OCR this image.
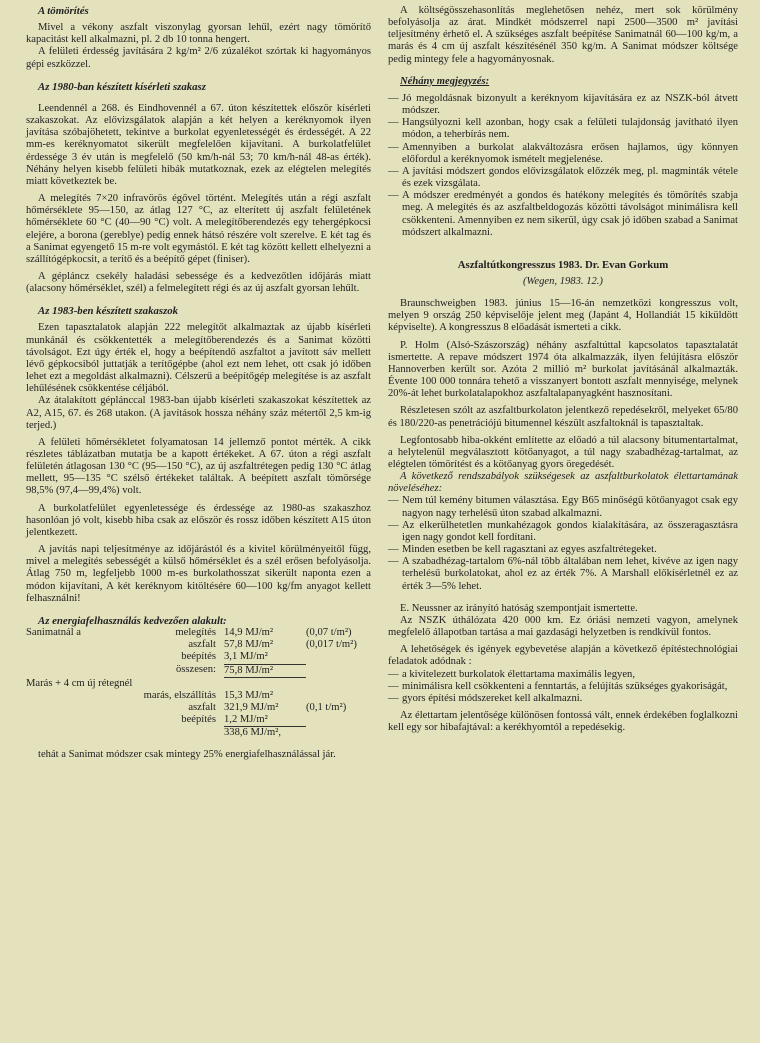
A tömörítés

Mivel a vékony aszfalt viszonylag gyorsan lehűl, ezért nagy tömörítő kapacitást kell alkalmazni, pl. 2 db 10 tonna hengert.

A felületi érdesség javítására 2 kg/m² 2/6 zúzalékot szórtak ki hagyományos gépi eszközzel.

Az 1980-ban készített kísérleti szakasz

Leendennél a 268. és Eindhovennél a 67. úton készítettek először kísérleti szakaszokat. Az elővizsgálatok alapján a két helyen a keréknyomok ilyen javítása szóbajöhetett, tekintve a burkolat egyenletességét és érdességét. A 22 mm-es keréknyomatot sikerült megfelelően kijavítani. A burkolatfelület érdessége 3 év után is megfelelő (50 km/h-nál 53; 70 km/h-nál 48-as érték). Néhány helyen kisebb felületi hibák mutatkoznak, ezek az elégtelen melegítés miatt következtek be.

A melegítés 7×20 infravörös égővel történt. Melegítés után a régi aszfalt hőmérséklete 95—150, az átlag 127 °C, az elterített új aszfalt felületének hőmérséklete 60 °C (40—90 °C) volt. A melegítőberendezés egy tehergépkocsi elejére, a borona (gereblye) pedig ennek hátsó részére volt szerelve. E két tag és a Sanimat egyengető 15 m-re volt egymástól. E két tag között kellett elhelyezni a szállítógépkocsit, a terítő és a beépítő gépet (finiser).

A gépláncz csekély haladási sebessége és a kedvezőtlen időjárás miatt (alacsony hőmérséklet, szél) a felmelegített régi és az új aszfalt gyorsan lehűlt.

Az 1983-ben készített szakaszok

Ezen tapasztalatok alapján 222 melegítőt alkalmaztak az újabb kísérleti munkánál és csökkentették a melegítőberendezés és a Sanimat közötti távolságot. Ezt úgy érték el, hogy a beépítendő aszfaltot a javított sáv mellett lévő gépkocsiból juttatják a terítőgépbe (ahol ezt nem lehet, ott csak jó időben lehet ezt a megoldást alkalmazni). Célszerű a beépítőgép melegítése is az aszfalt lehűlésének csökkentése céljából.

Az átalakított géplánccal 1983-ban újabb kísérleti szakaszokat készítettek az A2, A15, 67. és 268 utakon. (A javítások hossza néhány száz métertől 2,5 km-ig terjed.)

A felületi hőmérsékletet folyamatosan 14 jellemző pontot mérték. A cikk részletes táblázatban mutatja be a kapott értékeket. A 67. úton a régi aszfalt felületén átlagosan 130 °C (95—150 °C), az új aszfaltrétegen pedig 130 °C átlag mellett, 95—135 °C szélső értékeket találtak. A beépített aszfalt tömörsége 98,5% (97,4—99,4%) volt.

A burkolatfelület egyenletessége és érdessége az 1980-as szakaszhoz hasonlóan jó volt, kisebb hiba csak az először és rossz időben készített A15 úton jelentkezett.

A javítás napi teljesítménye az időjárástól és a kivitel körülményeitől függ, mivel a melegítés sebességét a külső hőmérséklet és a szél erősen befolyásolja. Átlag 750 m, legfeljebb 1000 m-es burkolathosszat sikerült naponta ezen a módon kijavítani, A két keréknyom kitöltésére 60—100 kg/fm anyagot kellett felhasználni!

Az energiafelhasználás kedvezően alakult:
Sanimatnál a	melegítés	14,9 MJ/m²	(0,07 t/m²)
	aszfalt	57,8 MJ/m²	(0,017 t/m²)
	beépítés	3,1 MJ/m²	
	összesen:	75,8 MJ/m²	
Marás + 4 cm új rétegnél			
	marás, elszállítás	15,3 MJ/m²	
	aszfalt	321,9 MJ/m²	(0,1 t/m²)
	beépítés	1,2 MJ/m²	
		338,6 MJ/m²,	

tehát a Sanimat módszer csak mintegy 25% energiafelhasználással jár.

A költségösszehasonlítás meglehetősen nehéz, mert sok körülmény befolyásolja az árat. Mindkét módszerrel napi 2500—3500 m² javítási teljesítmény érhető el. A szükséges aszfalt beépítése Sanimatnál 60—100 kg/m, a marás és 4 cm új aszfalt készítésénél 350 kg/m. A Sanimat módszer költsége pedig mintegy fele a hagyományosnak.

Néhány megjegyzés:
— Jó megoldásnak bizonyult a keréknyom kijavítására ez az NSZK-ból átvett módszer.
— Hangsúlyozni kell azonban, hogy csak a felületi tulajdonság javítható ilyen módon, a teherbírás nem.
— Amennyiben a burkolat alakváltozásra erősen hajlamos, úgy könnyen előfordul a keréknyomok ismételt megjelenése.
— A javítási módszert gondos elővizsgálatok előzzék meg, pl. magminták vétele és ezek vizsgálata.
— A módszer eredményét a gondos és hatékony melegítés és tömörítés szabja meg. A melegítés és az aszfaltbeldogozás közötti távolságot minimálisra kell csökkenteni. Amennyiben ez nem sikerül, úgy csak jó időben szabad a Sanimat módszert alkalmazni.
Aszfaltútkongresszus 1983. Dr. Evan Gorkum
(Wegen, 1983. 12.)

Braunschweigben 1983. június 15—16-án nemzetközi kongresszus volt, melyen 9 ország 250 képviselője jelent meg (Japánt 4, Hollandiát 15 kiküldött képviselte). A kongresszus 8 előadását ismerteti a cikk.

P. Holm (Alsó-Szászország) néhány aszfaltúttal kapcsolatos tapasztalatát ismertette. A repave módszert 1974 óta alkalmazzák, ilyen felújításra először Hannoverben került sor. Azóta 2 millió m² burkolat javításánál alkalmazták. Évente 100 000 tonnára tehető a visszanyert bontott aszfalt mennyisége, melynek 20%-át lehet burkolatalapokhoz aszfaltalapanyagként hasznosítani.

Részletesen szólt az aszfaltburkolaton jelentkező repedésekről, melyeket 65/80 és 180/220-as penetrációjú bitumennel készült aszfaltoknál is tapasztaltak.

Legfontosabb hiba-okként említette az előadó a túl alacsony bitumentartalmat, a helytelenül megválasztott kötőanyagot, a túl nagy szabadhézag-tartalmat, az elégtelen tömörítést és a kötőanyag gyors öregedését.

A következő rendszabályok szükségesek az aszfaltburkolatok élettartamának növeléséhez:

— Nem túl kemény bitumen választása. Egy B65 minőségű kötőanyagot csak egy nagyon nagy terhelésű úton szabad alkalmazni.
— Az elkerülhetetlen munkahézagok gondos kialakítására, az összeragasztásra igen nagy gondot kell fordítani.
— Minden esetben be kell ragasztani az egyes aszfaltrétegeket.
— A szabadhézag-tartalom 6%-nál több általában nem lehet, kivéve az igen nagy terhelésű burkolatokat, ahol ez az érték 7%. A Marshall előkísérletnél ez az érték 3—5% lehet.

E. Neussner az irányító hatóság szempontjait ismertette.

Az NSZK úthálózata 420 000 km. Ez óriási nemzeti vagyon, amelynek megfelelő állapotban tartása a mai gazdasági helyzetben is rendkívül fontos.

A lehetőségek és igények egybevetése alapján a következő építéstechnológiai feladatok adódnak :

— a kivitelezett burkolatok élettartama maximális legyen,
— minimálisra kell csökkenteni a fenntartás, a felújítás szükséges gyakoriságát,
— gyors építési módszereket kell alkalmazni.

Az élettartam jelentősége különösen fontossá vált, ennek érdekében foglalkozni kell egy sor hibafajtával: a kerékhyomtól a repedésekig.
